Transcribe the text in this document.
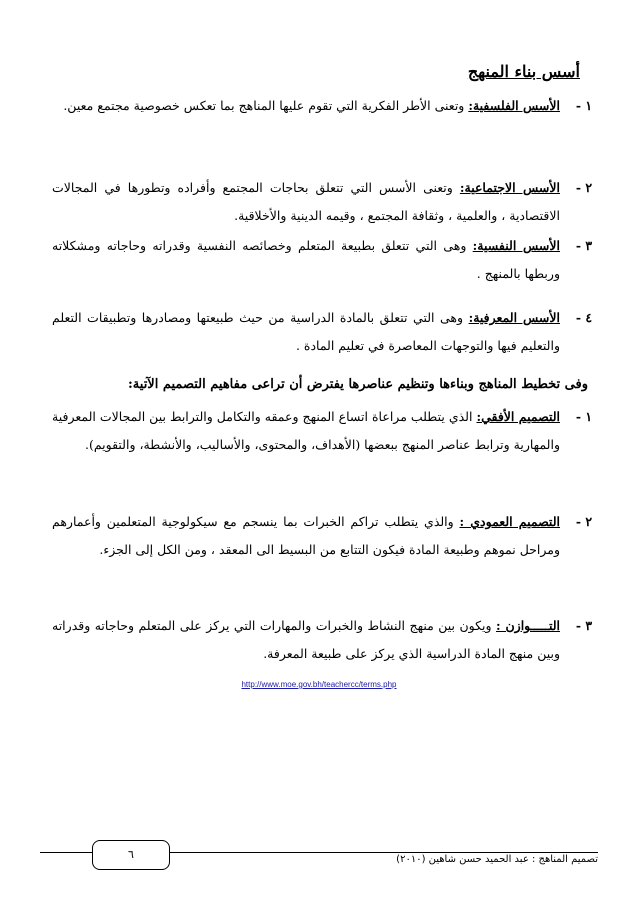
أسس بناء المنهج
١ -
الأسس الفلسفية: وتعنى الأطر الفكرية التي تقوم عليها المناهج بما تعكس خصوصية مجتمع معين.
٢ -
الأسس الاجتماعية: وتعنى الأسس التي تتعلق بحاجات المجتمع وأفراده وتطورها في المجالات الاقتصادية ، والعلمية ، وثقافة المجتمع ، وقيمه الدينية والأخلاقية.
٣ -
الأسس النفسية: وهى التي تتعلق بطبيعة المتعلم وخصائصه النفسية وقدراته وحاجاته ومشكلاته وربطها بالمنهج .
٤ -
الأسس المعرفية: وهى التي تتعلق بالمادة الدراسية من حيث طبيعتها ومصادرها وتطبيقات التعلم والتعليم فيها والتوجهات المعاصرة في تعليم المادة .
وفى تخطيط المناهج وبناءها وتنظيم عناصرها يفترض أن تراعى مفاهيم التصميم الآتية:
١ -
التصميم الأفقي: الذي يتطلب مراعاة اتساع المنهج وعمقه والتكامل والترابط بين المجالات المعرفية والمهارية وترابط عناصر المنهج ببعضها (الأهداف، والمحتوى، والأساليب، والأنشطة، والتقويم).
٢ -
التصميم العمودي : والذي يتطلب تراكم الخبرات بما ينسجم مع سيكولوجية المتعلمين وأعمارهم ومراحل نموهم وطبيعة المادة فيكون التتابع من البسيط الى المعقد ، ومن الكل إلى الجزء.
٣ -
التـــــوازن : ويكون بين منهج النشاط والخبرات والمهارات التي يركز على المتعلم وحاجاته وقدراته وبين منهج المادة الدراسية الذي يركز على طبيعة المعرفة.
http://www.moe.gov.bh/teachercc/terms.php
تصميم المناهج : عبد الحميد حسن شاهين (٢٠١٠)
٦
